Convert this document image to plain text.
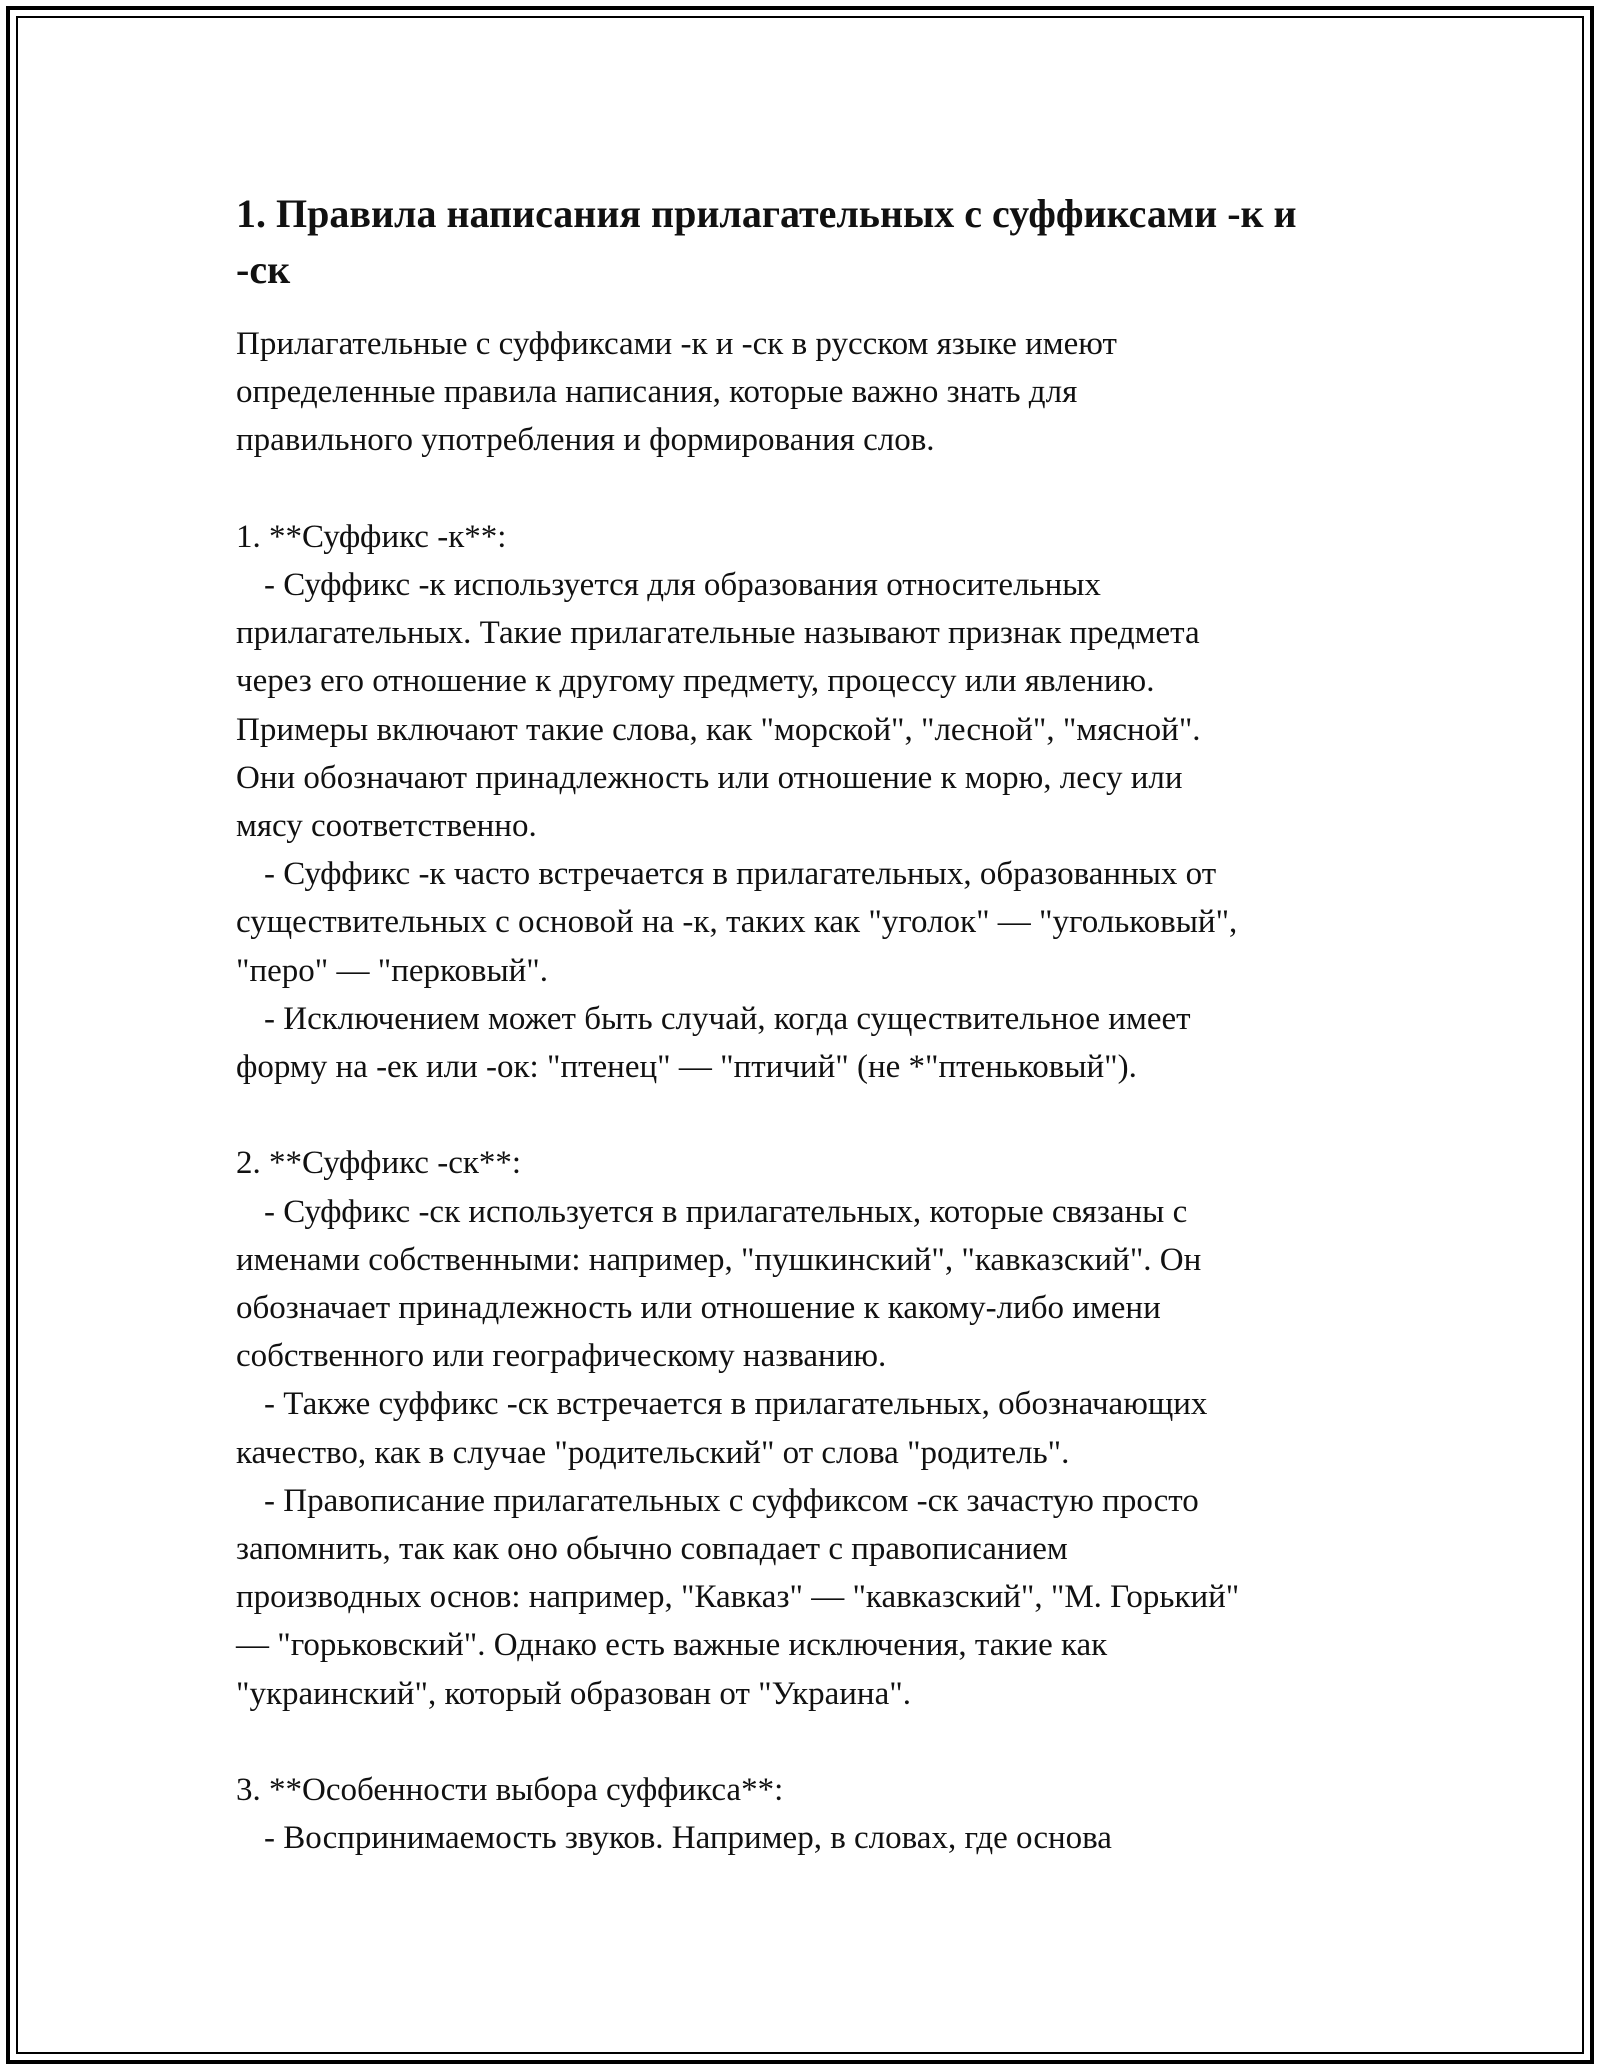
1. Правила написания прилагательных с суффиксами -к и
-ск

Прилагательные с суффиксами -к и -ск в русском языке имеют
определенные правила написания, которые важно знать для
правильного употребления и формирования слов.

1. **Суффикс -к**:
- Суффикс -к используется для образования относительных
прилагательных. Такие прилагательные называют признак предмета
через его отношение к другому предмету, процессу или явлению.
Примеры включают такие слова, как "морской", "лесной", "мясной".
Они обозначают принадлежность или отношение к морю, лесу или
мясу соответственно.
- Суффикс -к часто встречается в прилагательных, образованных от
существительных с основой на -к, таких как "уголок" — "угольковый",
"перо" — "перковый".
- Исключением может быть случай, когда существительное имеет
форму на -ек или -ок: "птенец" — "птичий" (не *"птеньковый").
2. **Суффикс -ск**:
- Суффикс -ск используется в прилагательных, которые связаны с
именами собственными: например, "пушкинский", "кавказский". Он
обозначает принадлежность или отношение к какому-либо имени
собственного или географическому названию.
- Также суффикс -ск встречается в прилагательных, обозначающих
качество, как в случае "родительский" от слова "родитель".
- Правописание прилагательных с суффиксом -ск зачастую просто
запомнить, так как оно обычно совпадает с правописанием
производных основ: например, "Кавказ" — "кавказский", "М. Горький"
— "горьковский". Однако есть важные исключения, такие как
"украинский", который образован от "Украина".
3. **Особенности выбора суффикса**:
- Воспринимаемость звуков. Например, в словах, где основа
